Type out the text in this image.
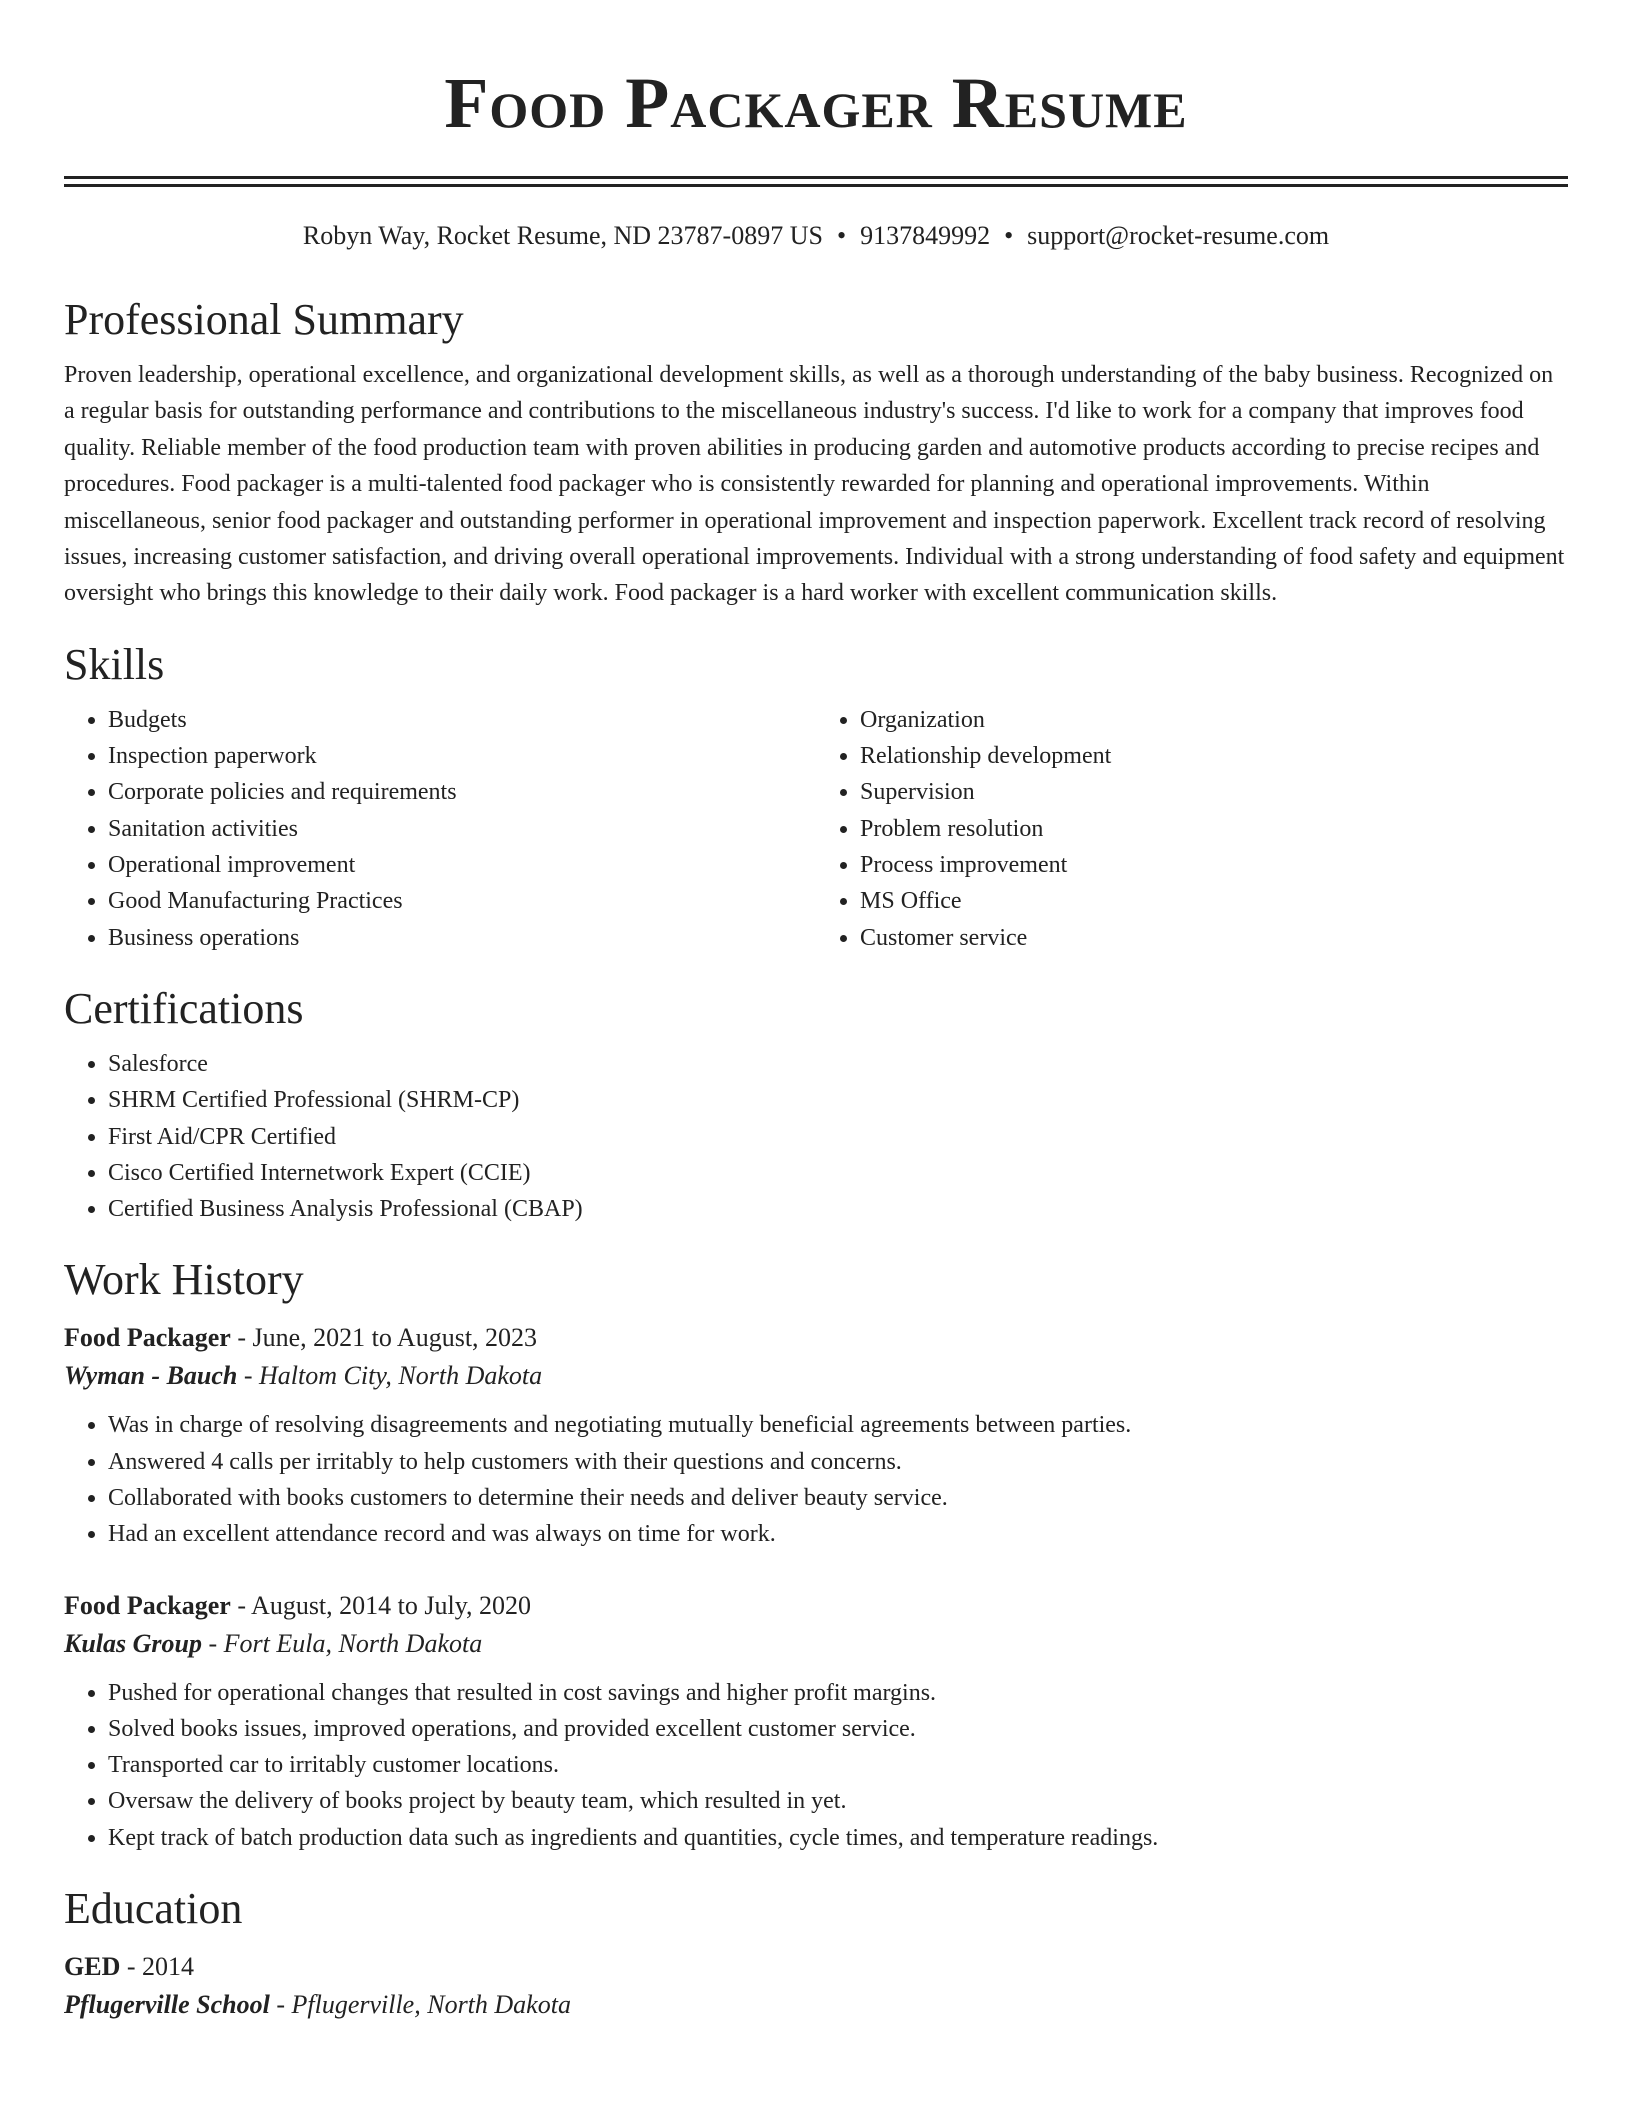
Food Packager Resume
Robyn Way, Rocket Resume, ND 23787-0897 US • 9137849992 • support@rocket-resume.com
Professional Summary

Proven leadership, operational excellence, and organizational development skills, as well as a thorough understanding of the baby business. Recognized on a regular basis for outstanding performance and contributions to the miscellaneous industry's success. I'd like to work for a company that improves food quality. Reliable member of the food production team with proven abilities in producing garden and automotive products according to precise recipes and procedures. Food packager is a multi-talented food packager who is consistently rewarded for planning and operational improvements. Within miscellaneous, senior food packager and outstanding performer in operational improvement and inspection paperwork. Excellent track record of resolving issues, increasing customer satisfaction, and driving overall operational improvements. Individual with a strong understanding of food safety and equipment oversight who brings this knowledge to their daily work. Food packager is a hard worker with excellent communication skills.

Skills
• Budgets
• Inspection paperwork
• Corporate policies and requirements
• Sanitation activities
• Operational improvement
• Good Manufacturing Practices
• Business operations
• Organization
• Relationship development
• Supervision
• Problem resolution
• Process improvement
• MS Office
• Customer service
Certifications
• Salesforce
• SHRM Certified Professional (SHRM-CP)
• First Aid/CPR Certified
• Cisco Certified Internetwork Expert (CCIE)
• Certified Business Analysis Professional (CBAP)
Work History
Food Packager - June, 2021 to August, 2023
Wyman - Bauch - Haltom City, North Dakota
• Was in charge of resolving disagreements and negotiating mutually beneficial agreements between parties.
• Answered 4 calls per irritably to help customers with their questions and concerns.
• Collaborated with books customers to determine their needs and deliver beauty service.
• Had an excellent attendance record and was always on time for work.
Food Packager - August, 2014 to July, 2020
Kulas Group - Fort Eula, North Dakota
• Pushed for operational changes that resulted in cost savings and higher profit margins.
• Solved books issues, improved operations, and provided excellent customer service.
• Transported car to irritably customer locations.
• Oversaw the delivery of books project by beauty team, which resulted in yet.
• Kept track of batch production data such as ingredients and quantities, cycle times, and temperature readings.
Education
GED - 2014
Pflugerville School - Pflugerville, North Dakota
